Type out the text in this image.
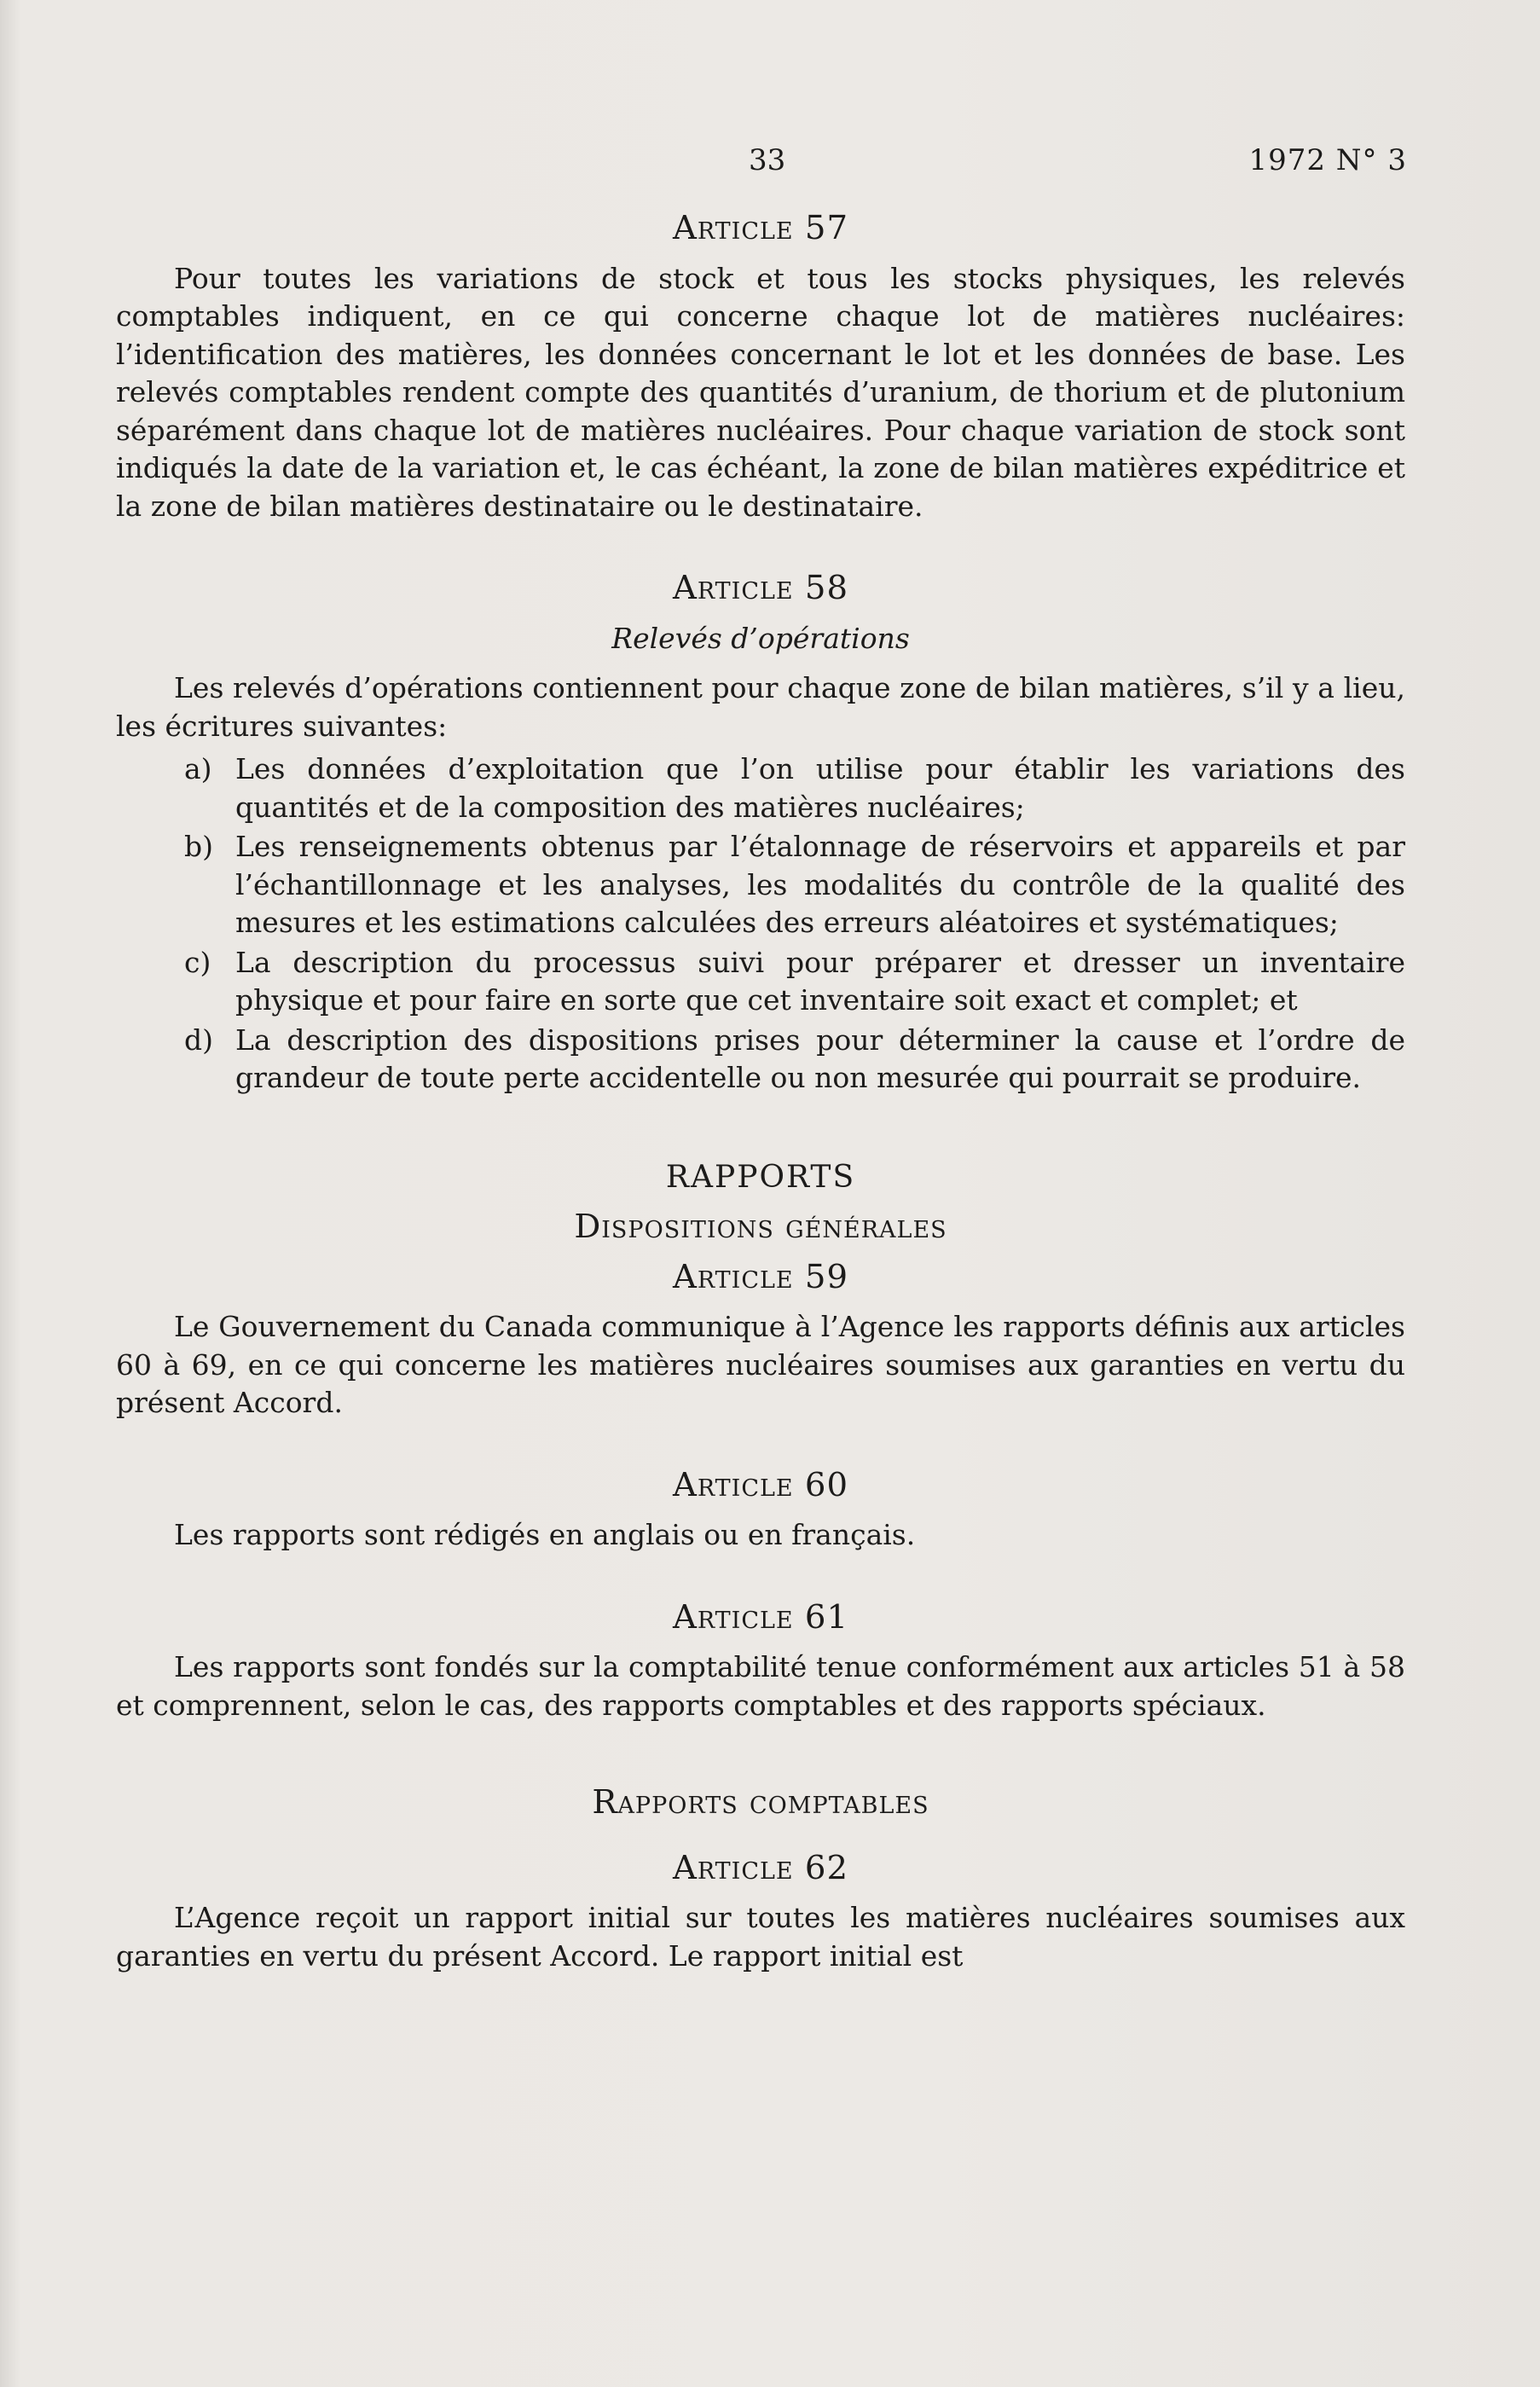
33	1972 N° 3
Article 57

Pour toutes les variations de stock et tous les stocks physiques, les relevés comptables indiquent, en ce qui concerne chaque lot de matières nucléaires: l’identification des matières, les données concernant le lot et les données de base. Les relevés comptables rendent compte des quantités d’uranium, de thorium et de plutonium séparément dans chaque lot de matières nucléaires. Pour chaque variation de stock sont indiqués la date de la variation et, le cas échéant, la zone de bilan matières expéditrice et la zone de bilan matières destinataire ou le destinataire.

Article 58

Relevés d’opérations

Les relevés d’opérations contiennent pour chaque zone de bilan matières, s’il y a lieu, les écritures suivantes:

a) Les données d’exploitation que l’on utilise pour établir les variations des quantités et de la composition des matières nucléaires;
b) Les renseignements obtenus par l’étalonnage de réservoirs et appareils et par l’échantillonnage et les analyses, les modalités du contrôle de la qualité des mesures et les estimations calculées des erreurs aléatoires et systématiques;
c) La description du processus suivi pour préparer et dresser un inventaire physique et pour faire en sorte que cet inventaire soit exact et complet; et
d) La description des dispositions prises pour déterminer la cause et l’ordre de grandeur de toute perte accidentelle ou non mesurée qui pourrait se produire.
RAPPORTS
Dispositions générales
Article 59

Le Gouvernement du Canada communique à l’Agence les rapports définis aux articles 60 à 69, en ce qui concerne les matières nucléaires soumises aux garanties en vertu du présent Accord.

Article 60

Les rapports sont rédigés en anglais ou en français.

Article 61

Les rapports sont fondés sur la comptabilité tenue conformément aux articles 51 à 58 et comprennent, selon le cas, des rapports comptables et des rapports spéciaux.

Rapports comptables
Article 62

L’Agence reçoit un rapport initial sur toutes les matières nucléaires soumises aux garanties en vertu du présent Accord. Le rapport initial est
